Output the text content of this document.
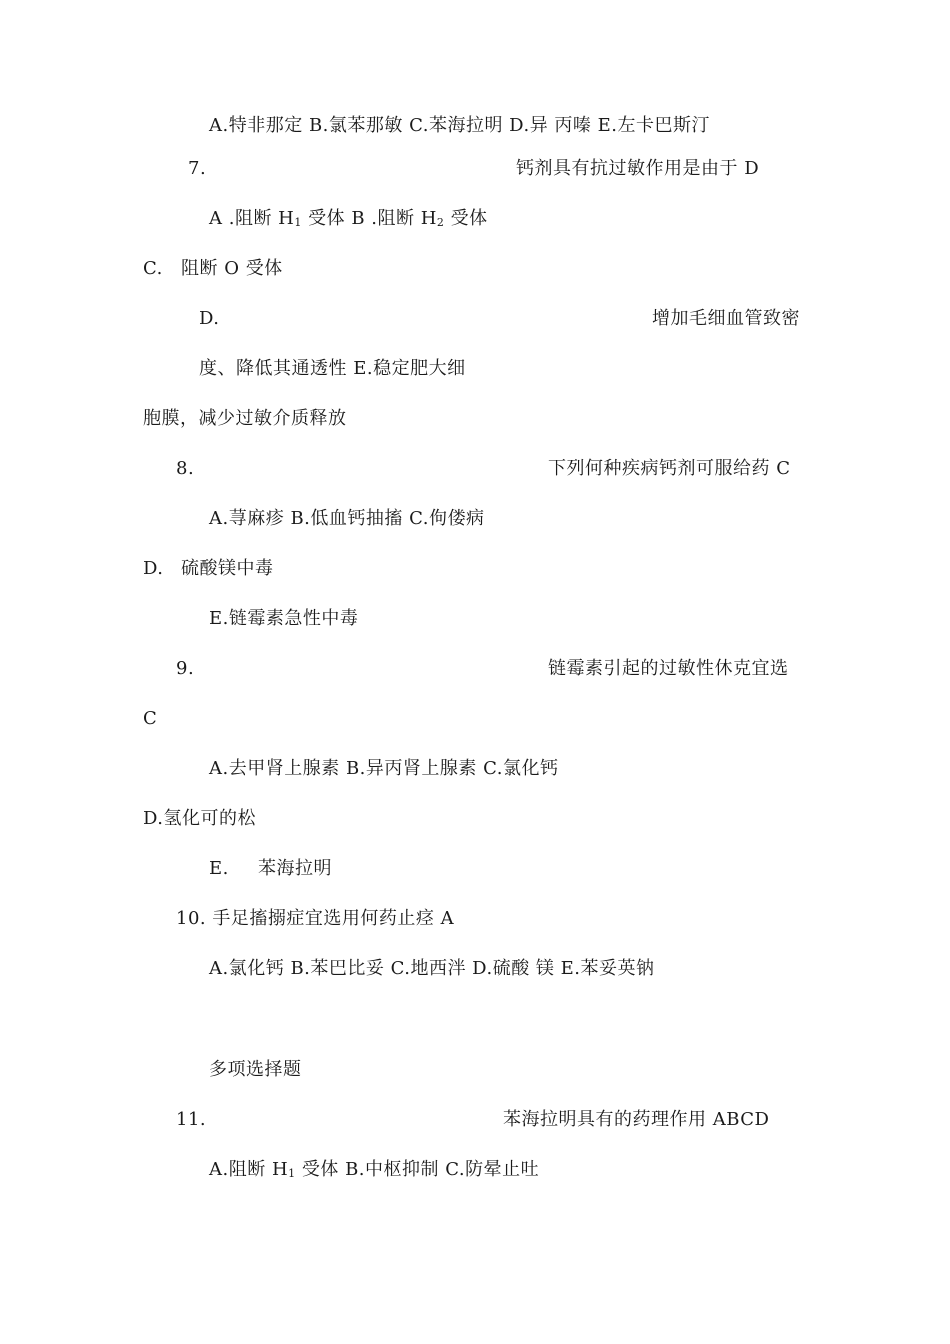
A.特非那定 B.氯苯那敏 C.苯海拉明 D.异 丙嗪 E.左卡巴斯汀
7.	钙剂具有抗过敏作用是由于 D
A .阻断 H1 受体 B .阻断 H2 受体
C. 阻断 O 受体
D.	增加毛细血管致密
度、降低其通透性 E.稳定肥大细
胞膜，减少过敏介质释放
8.	下列何种疾病钙剂可服给药 C
A.荨麻疹 B.低血钙抽搐 C.佝偻病
D. 硫酸镁中毒
E.链霉素急性中毒
9.	链霉素引起的过敏性休克宜选
C
A.去甲肾上腺素 B.异丙肾上腺素 C.氯化钙
D.氢化可的松
E. 苯海拉明
10. 手足搐搦症宜选用何药止痉 A
A.氯化钙 B.苯巴比妥 C.地西泮 D.硫酸 镁 E.苯妥英钠
多项选择题
11.	苯海拉明具有的药理作用 ABCD
A.阻断 H1 受体 B.中枢抑制 C.防晕止吐
